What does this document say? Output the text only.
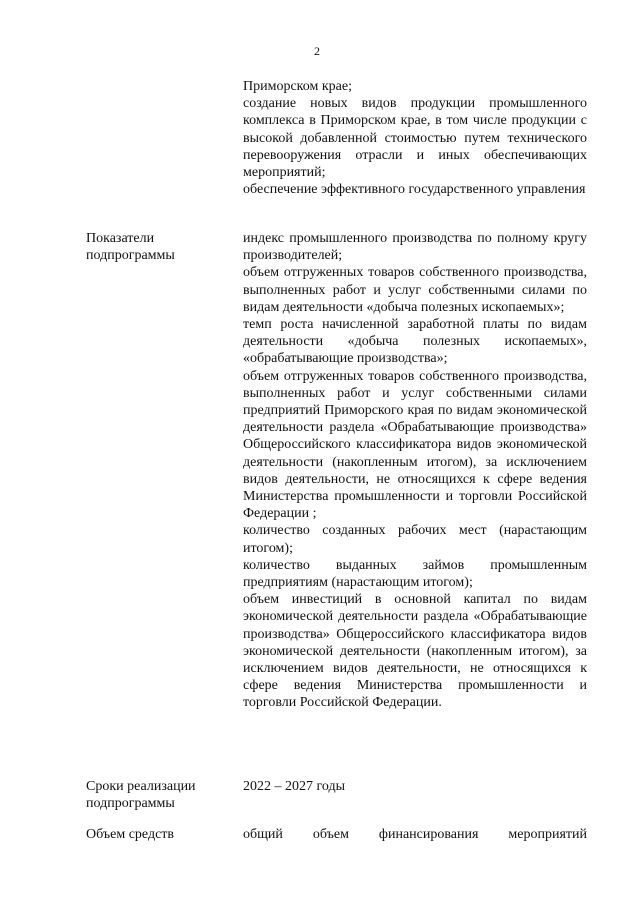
2
Приморском крае;
создание новых видов продукции промышленного комплекса в Приморском крае, в том числе продукции с высокой добавленной стоимостью путем технического перевооружения отрасли и иных обеспечивающих мероприятий;
обеспечение эффективного государственного управления
Показатели подпрограммы
индекс промышленного производства по полному кругу производителей;
объем отгруженных товаров собственного производства, выполненных работ и услуг собственными силами по видам деятельности «добыча полезных ископаемых»;
темп роста начисленной заработной платы по видам деятельности «добыча полезных ископаемых», «обрабатывающие производства»;
объем отгруженных товаров собственного производства, выполненных работ и услуг собственными силами предприятий Приморского края по видам экономической деятельности раздела «Обрабатывающие производства» Общероссийского классификатора видов экономической деятельности (накопленным итогом), за исключением видов деятельности, не относящихся к сфере ведения Министерства промышленности и торговли Российской Федерации ;
количество созданных рабочих мест (нарастающим итогом);
количество выданных займов промышленным предприятиям (нарастающим итогом);
объем инвестиций в основной капитал по видам экономической деятельности раздела «Обрабатывающие производства» Общероссийского классификатора видов экономической деятельности (накопленным итогом), за исключением видов деятельности, не относящихся к сфере ведения Министерства промышленности и торговли Российской Федерации.
Сроки реализации подпрограммы
2022 – 2027 годы
Объем средств	общий объем финансирования мероприятий
